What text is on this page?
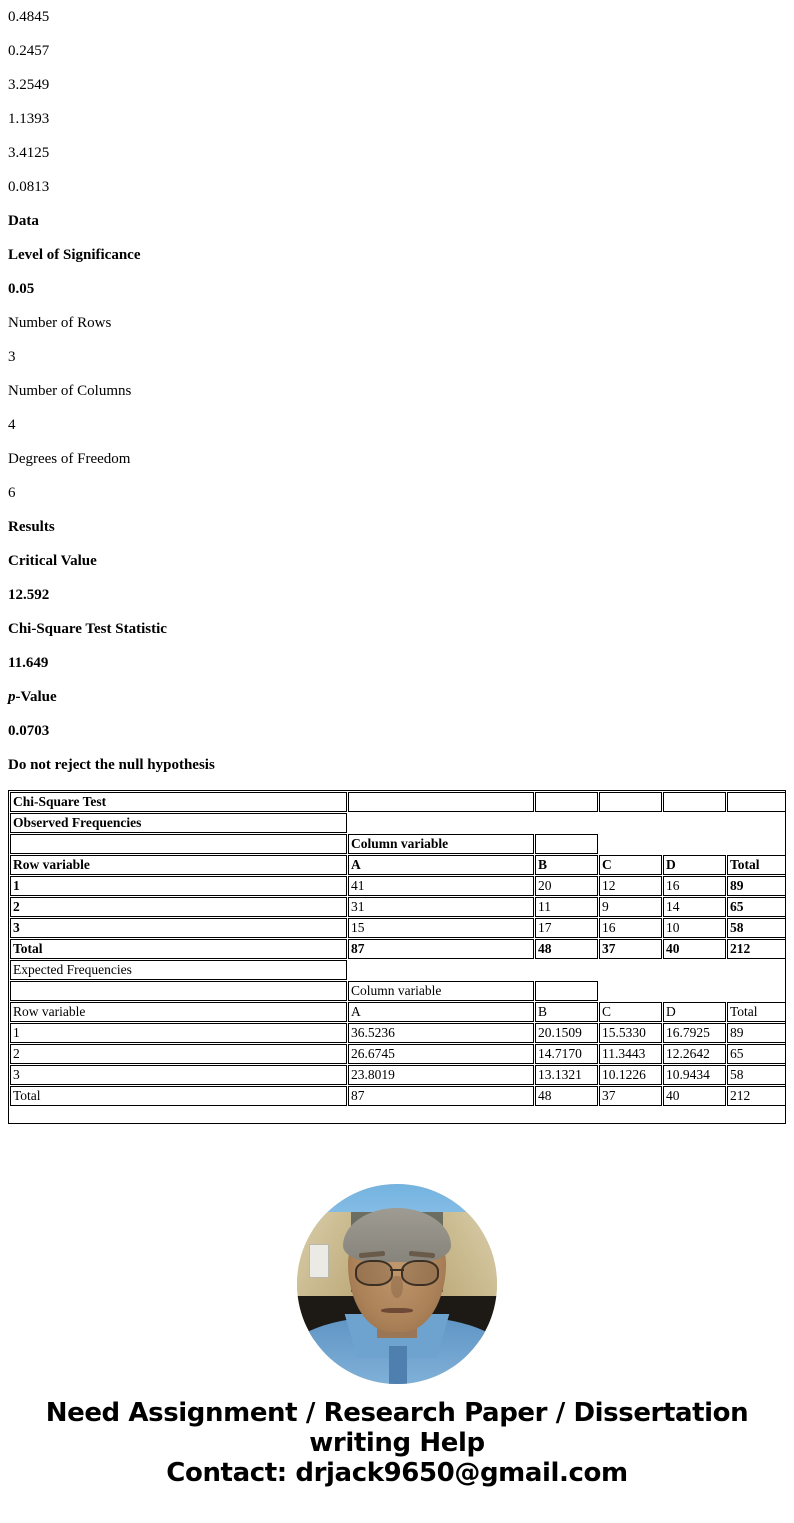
0.4845
0.2457
3.2549
1.1393
3.4125
0.0813
Data
Level of Significance
0.05
Number of Rows
3
Number of Columns
4
Degrees of Freedom
6
Results
Critical Value
12.592
Chi-Square Test Statistic
11.649
p-Value
0.0703
Do not reject the null hypothesis
Chi-Square Test					
Observed Frequencies					
	Column variable				
Row variable	A	B	C	D	Total
1	41	20	12	16	89
2	31	11	9	14	65
3	15	17	16	10	58
Total	87	48	37	40	212
Expected Frequencies					
	Column variable				
Row variable	A	B	C	D	Total
1	36.5236	20.1509	15.5330	16.7925	89
2	26.6745	14.7170	11.3443	12.2642	65
3	23.8019	13.1321	10.1226	10.9434	58
Total	87	48	37	40	212
Need Assignment / Research Paper / Dissertation
writing Help
Contact: drjack9650@gmail.com
